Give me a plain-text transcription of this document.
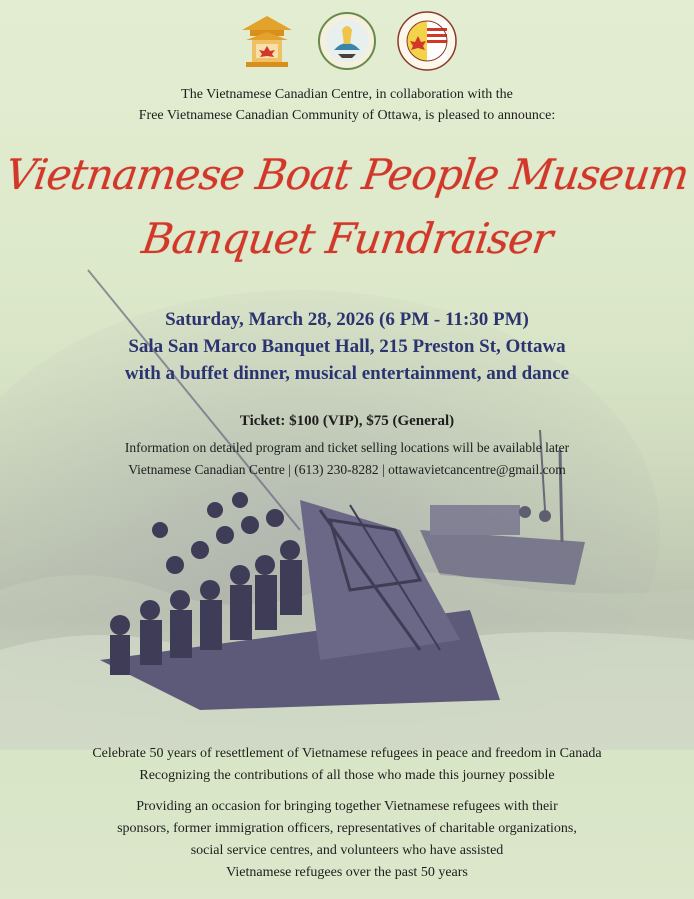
The Vietnamese Canadian Centre, in collaboration with the
Free Vietnamese Canadian Community of Ottawa, is pleased to announce:
Vietnamese Boat People Museum
Banquet Fundraiser
Saturday, March 28, 2026 (6 PM - 11:30 PM)
Sala San Marco Banquet Hall, 215 Preston St, Ottawa
with a buffet dinner, musical entertainment, and dance
Ticket: $100 (VIP), $75 (General)
Information on detailed program and ticket selling locations will be available later
Vietnamese Canadian Centre | (613) 230-8282 | ottawavietcancentre@gmail.com
Celebrate 50 years of resettlement of Vietnamese refugees in peace and freedom in Canada
Recognizing the contributions of all those who made this journey possible
Providing an occasion for bringing together Vietnamese refugees with their
sponsors, former immigration officers, representatives of charitable organizations,
social service centres, and volunteers who have assisted
Vietnamese refugees over the past 50 years
